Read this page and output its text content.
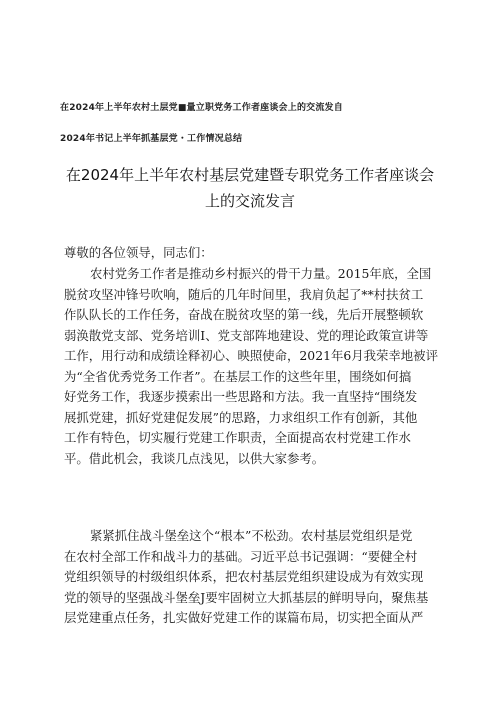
在2024年上半年农村土层党■量立职党务工作者座谈会上的交流发自
2024年书记上半年抓基层党・工作情况总结
在2024年上半年农村基层党建暨专职党务工作者座谈会
上的交流发言
尊敬的各位领导，同志们：
农村党务工作者是推动乡村振兴的骨干力量。2015年底，全国
脱贫攻坚冲锋号吹响，随后的几年时间里，我肩负起了**村扶贫工
作队队长的工作任务，奋战在脱贫攻坚的第一线，先后开展整顿软
弱涣散党支部、党务培训I、党支部阵地建设、党的理论政策宣讲等
工作，用行动和成绩诠释初心、映照使命，2021年6月我荣幸地被评
为“全省优秀党务工作者”。在基层工作的这些年里，围绕如何搞
好党务工作，我逐步摸索出一些思路和方法。我一直坚持“围绕发
展抓党建，抓好党建促发展”的思路，力求组织工作有创新，其他
工作有特色，切实履行党建工作职责，全面提高农村党建工作水
平。借此机会，我谈几点浅见，以供大家参考。
紧紧抓住战斗堡垒这个“根本”不松劲。农村基层党组织是党
在农村全部工作和战斗力的基础。习近平总书记强调：“要健全村
党组织领导的村级组织体系，把农村基层党组织建设成为有效实现
党的领导的坚强战斗堡垒J要牢固树立大抓基层的鲜明导向，聚焦基
层党建重点任务，扎实做好党建工作的谋篇布局，切实把全面从严
